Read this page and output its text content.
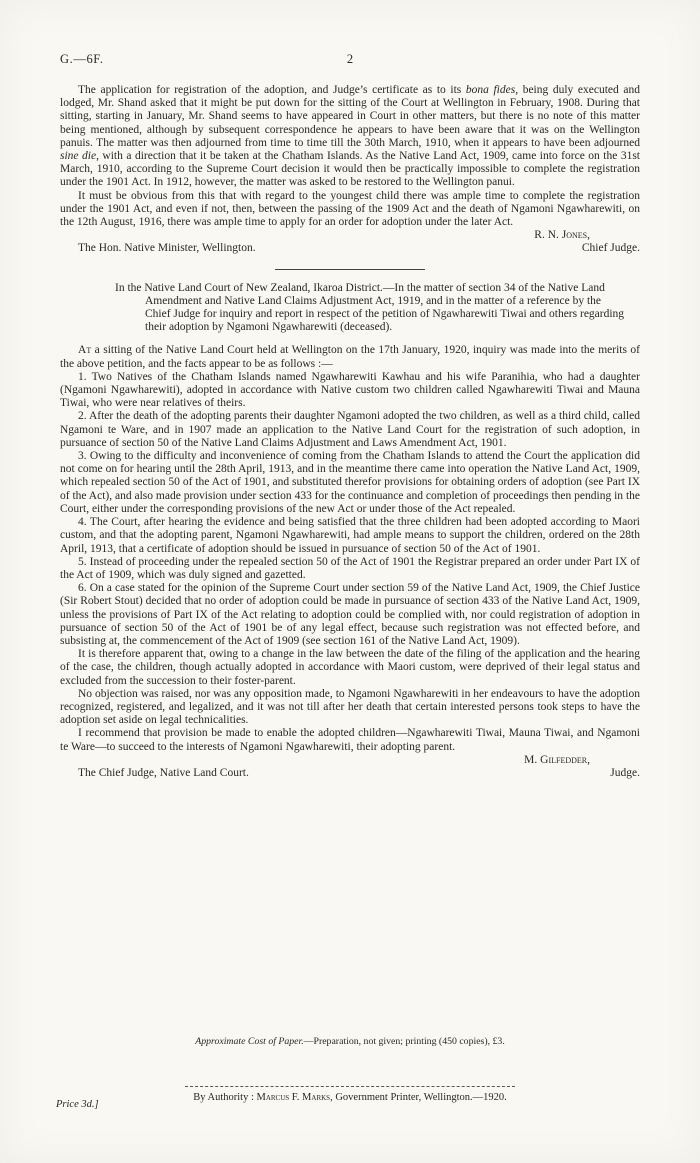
G.—6F.	2

The application for registration of the adoption, and Judge’s certificate as to its bona fides, being duly executed and lodged, Mr. Shand asked that it might be put down for the sitting of the Court at Wellington in February, 1908. During that sitting, starting in January, Mr. Shand seems to have appeared in Court in other matters, but there is no note of this matter being mentioned, although by subsequent correspondence he appears to have been aware that it was on the Wellington panuis. The matter was then adjourned from time to time till the 30th March, 1910, when it appears to have been adjourned sine die, with a direction that it be taken at the Chatham Islands. As the Native Land Act, 1909, came into force on the 31st March, 1910, according to the Supreme Court decision it would then be practically impossible to complete the registration under the 1901 Act. In 1912, however, the matter was asked to be restored to the Wellington panui.

It must be obvious from this that with regard to the youngest child there was ample time to complete the registration under the 1901 Act, and even if not, then, between the passing of the 1909 Act and the death of Ngamoni Ngawharewiti, on the 12th August, 1916, there was ample time to apply for an order for adoption under the later Act.

R. N. Jones,
The Hon. Native Minister, Wellington.	Chief Judge.
In the Native Land Court of New Zealand, Ikaroa District.—In the matter of section 34 of the Native Land Amendment and Native Land Claims Adjustment Act, 1919, and in the matter of a reference by the Chief Judge for inquiry and report in respect of the petition of Ngawharewiti Tiwai and others regarding their adoption by Ngamoni Ngawharewiti (deceased).

At a sitting of the Native Land Court held at Wellington on the 17th January, 1920, inquiry was made into the merits of the above petition, and the facts appear to be as follows :—

1. Two Natives of the Chatham Islands named Ngawharewiti Kawhau and his wife Paranihia, who had a daughter (Ngamoni Ngawharewiti), adopted in accordance with Native custom two children called Ngawharewiti Tiwai and Mauna Tiwai, who were near relatives of theirs.

2. After the death of the adopting parents their daughter Ngamoni adopted the two children, as well as a third child, called Ngamoni te Ware, and in 1907 made an application to the Native Land Court for the registration of such adoption, in pursuance of section 50 of the Native Land Claims Adjustment and Laws Amendment Act, 1901.

3. Owing to the difficulty and inconvenience of coming from the Chatham Islands to attend the Court the application did not come on for hearing until the 28th April, 1913, and in the meantime there came into operation the Native Land Act, 1909, which repealed section 50 of the Act of 1901, and substituted therefor provisions for obtaining orders of adoption (see Part IX of the Act), and also made provision under section 433 for the continuance and completion of proceedings then pending in the Court, either under the corresponding provisions of the new Act or under those of the Act repealed.

4. The Court, after hearing the evidence and being satisfied that the three children had been adopted according to Maori custom, and that the adopting parent, Ngamoni Ngawharewiti, had ample means to support the children, ordered on the 28th April, 1913, that a certificate of adoption should be issued in pursuance of section 50 of the Act of 1901.

5. Instead of proceeding under the repealed section 50 of the Act of 1901 the Registrar prepared an order under Part IX of the Act of 1909, which was duly signed and gazetted.

6. On a case stated for the opinion of the Supreme Court under section 59 of the Native Land Act, 1909, the Chief Justice (Sir Robert Stout) decided that no order of adoption could be made in pursuance of section 433 of the Native Land Act, 1909, unless the provisions of Part IX of the Act relating to adoption could be complied with, nor could registration of adoption in pursuance of section 50 of the Act of 1901 be of any legal effect, because such registration was not effected before, and subsisting at, the commencement of the Act of 1909 (see section 161 of the Native Land Act, 1909).

It is therefore apparent that, owing to a change in the law between the date of the filing of the application and the hearing of the case, the children, though actually adopted in accordance with Maori custom, were deprived of their legal status and excluded from the succession to their foster-parent.

No objection was raised, nor was any opposition made, to Ngamoni Ngawharewiti in her endeavours to have the adoption recognized, registered, and legalized, and it was not till after her death that certain interested persons took steps to have the adoption set aside on legal technicalities.

I recommend that provision be made to enable the adopted children—Ngawharewiti Tiwai, Mauna Tiwai, and Ngamoni te Ware—to succeed to the interests of Ngamoni Ngawharewiti, their adopting parent.

M. Gilfedder,
The Chief Judge, Native Land Court.	Judge.
Approximate Cost of Paper.—Preparation, not given; printing (450 copies), £3.
By Authority : Marcus F. Marks, Government Printer, Wellington.—1920.
Price 3d.]
